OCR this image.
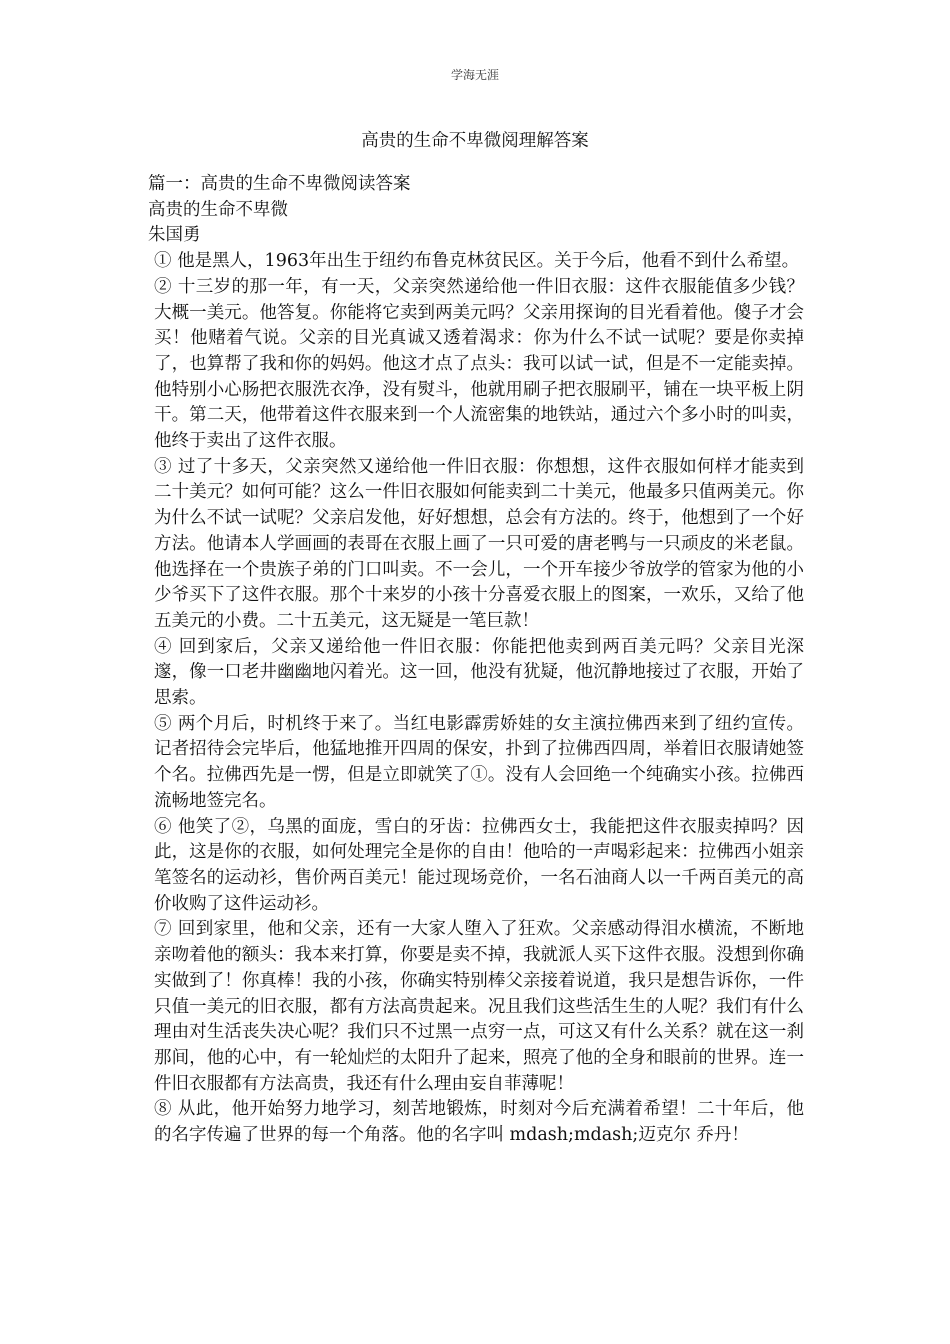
学海无涯
高贵的生命不卑微阅理解答案

篇一：高贵的生命不卑微阅读答案

高贵的生命不卑微

朱国勇

① 他是黑人，1963年出生于纽约布鲁克林贫民区。关于今后，他看不到什么希望。

② 十三岁的那一年，有一天，父亲突然递给他一件旧衣服：这件衣服能值多少钱？大概一美元。他答复。你能将它卖到两美元吗？父亲用探询的目光看着他。傻子才会买！他赌着气说。父亲的目光真诚又透着渴求：你为什么不试一试呢？要是你卖掉了，也算帮了我和你的妈妈。他这才点了点头：我可以试一试，但是不一定能卖掉。他特别小心肠把衣服洗衣净，没有熨斗，他就用刷子把衣服刷平，铺在一块平板上阴干。第二天，他带着这件衣服来到一个人流密集的地铁站，通过六个多小时的叫卖，他终于卖出了这件衣服。

③ 过了十多天，父亲突然又递给他一件旧衣服：你想想，这件衣服如何样才能卖到二十美元？如何可能？这么一件旧衣服如何能卖到二十美元，他最多只值两美元。你为什么不试一试呢？父亲启发他，好好想想，总会有方法的。终于，他想到了一个好方法。他请本人学画画的表哥在衣服上画了一只可爱的唐老鸭与一只顽皮的米老鼠。他选择在一个贵族子弟的门口叫卖。不一会儿，一个开车接少爷放学的管家为他的小少爷买下了这件衣服。那个十来岁的小孩十分喜爱衣服上的图案，一欢乐，又给了他五美元的小费。二十五美元，这无疑是一笔巨款！

④ 回到家后，父亲又递给他一件旧衣服：你能把他卖到两百美元吗？父亲目光深邃，像一口老井幽幽地闪着光。这一回，他没有犹疑，他沉静地接过了衣服，开始了思索。

⑤ 两个月后，时机终于来了。当红电影霹雳娇娃的女主演拉佛西来到了纽约宣传。记者招待会完毕后，他猛地推开四周的保安，扑到了拉佛西四周，举着旧衣服请她签个名。拉佛西先是一愣，但是立即就笑了①。没有人会回绝一个纯确实小孩。拉佛西流畅地签完名。

⑥ 他笑了②，乌黑的面庞，雪白的牙齿：拉佛西女士，我能把这件衣服卖掉吗？因此，这是你的衣服，如何处理完全是你的自由！他哈的一声喝彩起来：拉佛西小姐亲笔签名的运动衫，售价两百美元！能过现场竞价，一名石油商人以一千两百美元的高价收购了这件运动衫。

⑦ 回到家里，他和父亲，还有一大家人堕入了狂欢。父亲感动得泪水横流，不断地亲吻着他的额头：我本来打算，你要是卖不掉，我就派人买下这件衣服。没想到你确实做到了！你真棒！我的小孩，你确实特别棒父亲接着说道，我只是想告诉你，一件只值一美元的旧衣服，都有方法高贵起来。况且我们这些活生生的人呢？我们有什么理由对生活丧失决心呢？我们只不过黑一点穷一点，可这又有什么关系？就在这一刹那间，他的心中，有一轮灿烂的太阳升了起来，照亮了他的全身和眼前的世界。连一件旧衣服都有方法高贵，我还有什么理由妄自菲薄呢！

⑧ 从此，他开始努力地学习，刻苦地锻炼，时刻对今后充满着希望！二十年后，他的名字传遍了世界的每一个角落。他的名字叫 mdash;mdash;迈克尔 乔丹！
